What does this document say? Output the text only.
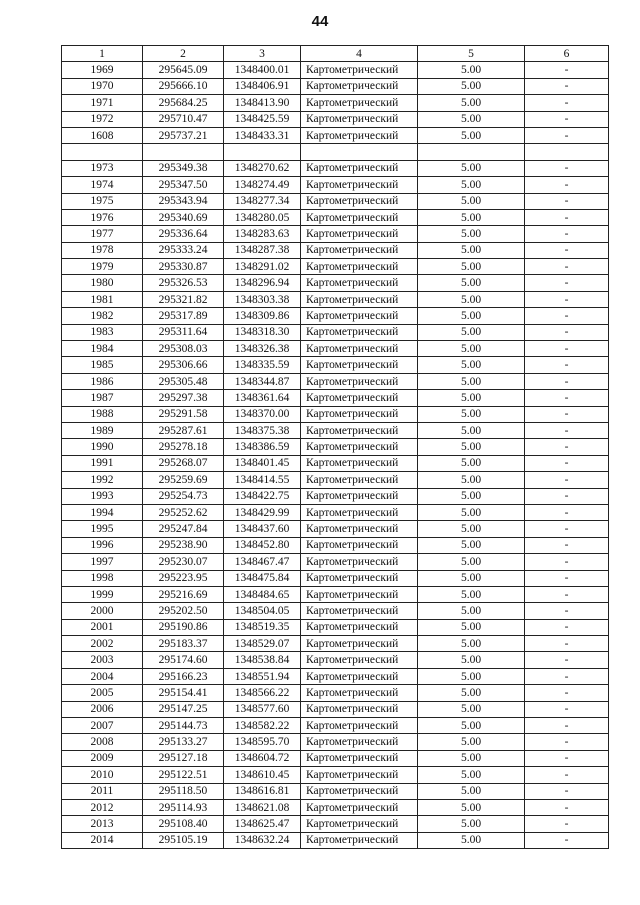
44
1	2	3	4	5	6
1969	295645.09	1348400.01	Картометрический	5.00	-
1970	295666.10	1348406.91	Картометрический	5.00	-
1971	295684.25	1348413.90	Картометрический	5.00	-
1972	295710.47	1348425.59	Картометрический	5.00	-
1608	295737.21	1348433.31	Картометрический	5.00	-

1973	295349.38	1348270.62	Картометрический	5.00	-
1974	295347.50	1348274.49	Картометрический	5.00	-
1975	295343.94	1348277.34	Картометрический	5.00	-
1976	295340.69	1348280.05	Картометрический	5.00	-
1977	295336.64	1348283.63	Картометрический	5.00	-
1978	295333.24	1348287.38	Картометрический	5.00	-
1979	295330.87	1348291.02	Картометрический	5.00	-
1980	295326.53	1348296.94	Картометрический	5.00	-
1981	295321.82	1348303.38	Картометрический	5.00	-
1982	295317.89	1348309.86	Картометрический	5.00	-
1983	295311.64	1348318.30	Картометрический	5.00	-
1984	295308.03	1348326.38	Картометрический	5.00	-
1985	295306.66	1348335.59	Картометрический	5.00	-
1986	295305.48	1348344.87	Картометрический	5.00	-
1987	295297.38	1348361.64	Картометрический	5.00	-
1988	295291.58	1348370.00	Картометрический	5.00	-
1989	295287.61	1348375.38	Картометрический	5.00	-
1990	295278.18	1348386.59	Картометрический	5.00	-
1991	295268.07	1348401.45	Картометрический	5.00	-
1992	295259.69	1348414.55	Картометрический	5.00	-
1993	295254.73	1348422.75	Картометрический	5.00	-
1994	295252.62	1348429.99	Картометрический	5.00	-
1995	295247.84	1348437.60	Картометрический	5.00	-
1996	295238.90	1348452.80	Картометрический	5.00	-
1997	295230.07	1348467.47	Картометрический	5.00	-
1998	295223.95	1348475.84	Картометрический	5.00	-
1999	295216.69	1348484.65	Картометрический	5.00	-
2000	295202.50	1348504.05	Картометрический	5.00	-
2001	295190.86	1348519.35	Картометрический	5.00	-
2002	295183.37	1348529.07	Картометрический	5.00	-
2003	295174.60	1348538.84	Картометрический	5.00	-
2004	295166.23	1348551.94	Картометрический	5.00	-
2005	295154.41	1348566.22	Картометрический	5.00	-
2006	295147.25	1348577.60	Картометрический	5.00	-
2007	295144.73	1348582.22	Картометрический	5.00	-
2008	295133.27	1348595.70	Картометрический	5.00	-
2009	295127.18	1348604.72	Картометрический	5.00	-
2010	295122.51	1348610.45	Картометрический	5.00	-
2011	295118.50	1348616.81	Картометрический	5.00	-
2012	295114.93	1348621.08	Картометрический	5.00	-
2013	295108.40	1348625.47	Картометрический	5.00	-
2014	295105.19	1348632.24	Картометрический	5.00	-
